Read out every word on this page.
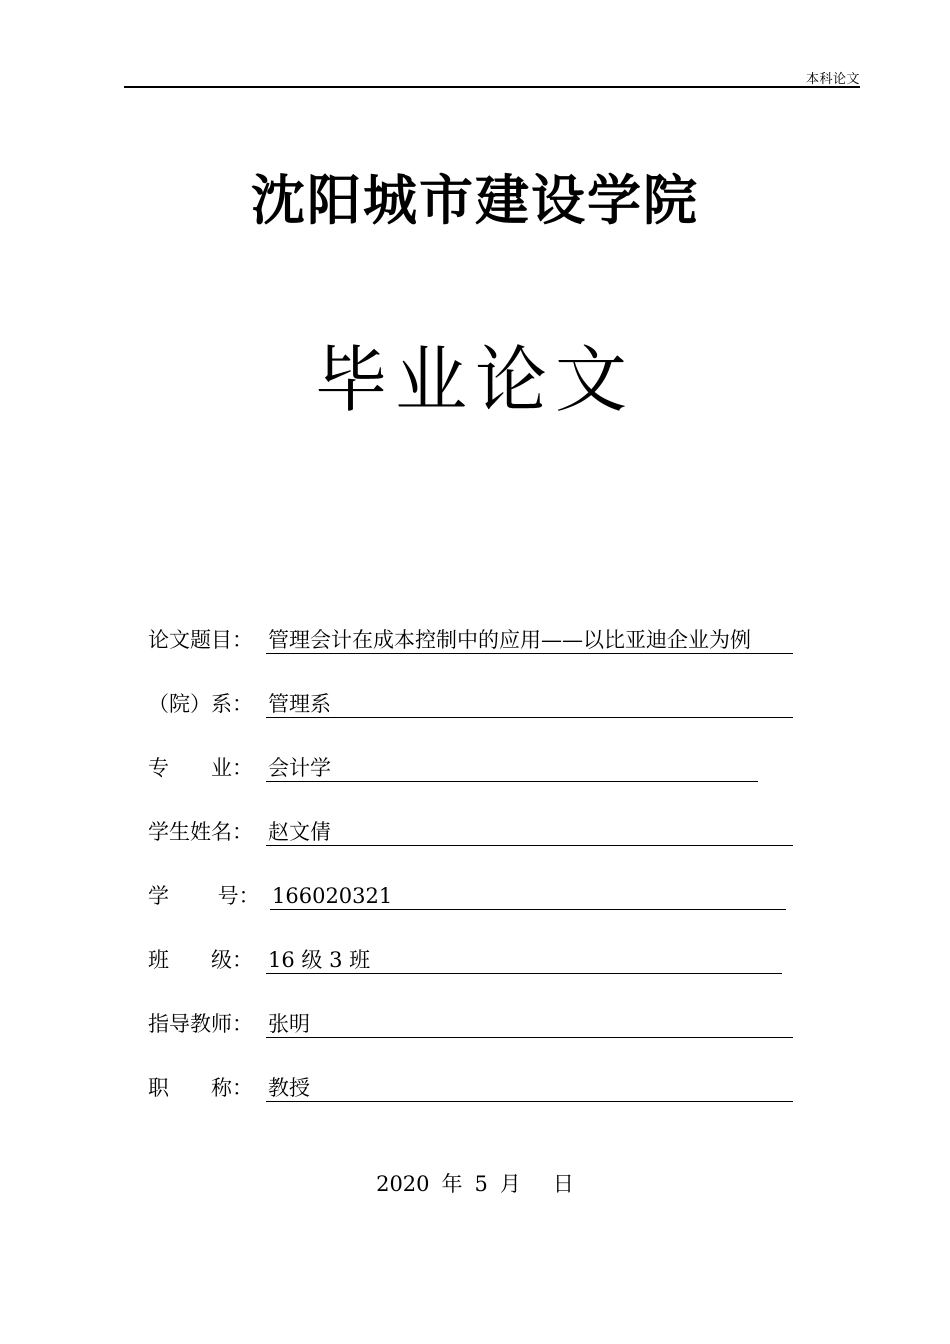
本科论文
沈阳城市建设学院
毕业论文
论文题目： 管理会计在成本控制中的应用——以比亚迪企业为例
（院）系： 管理系
专　　业： 会计学
学生姓名： 赵文倩
学　　 号： 166020321
班　　级： 16 级 3 班
指导教师： 张明
职　　称： 教授
2020 年 5 月 日
